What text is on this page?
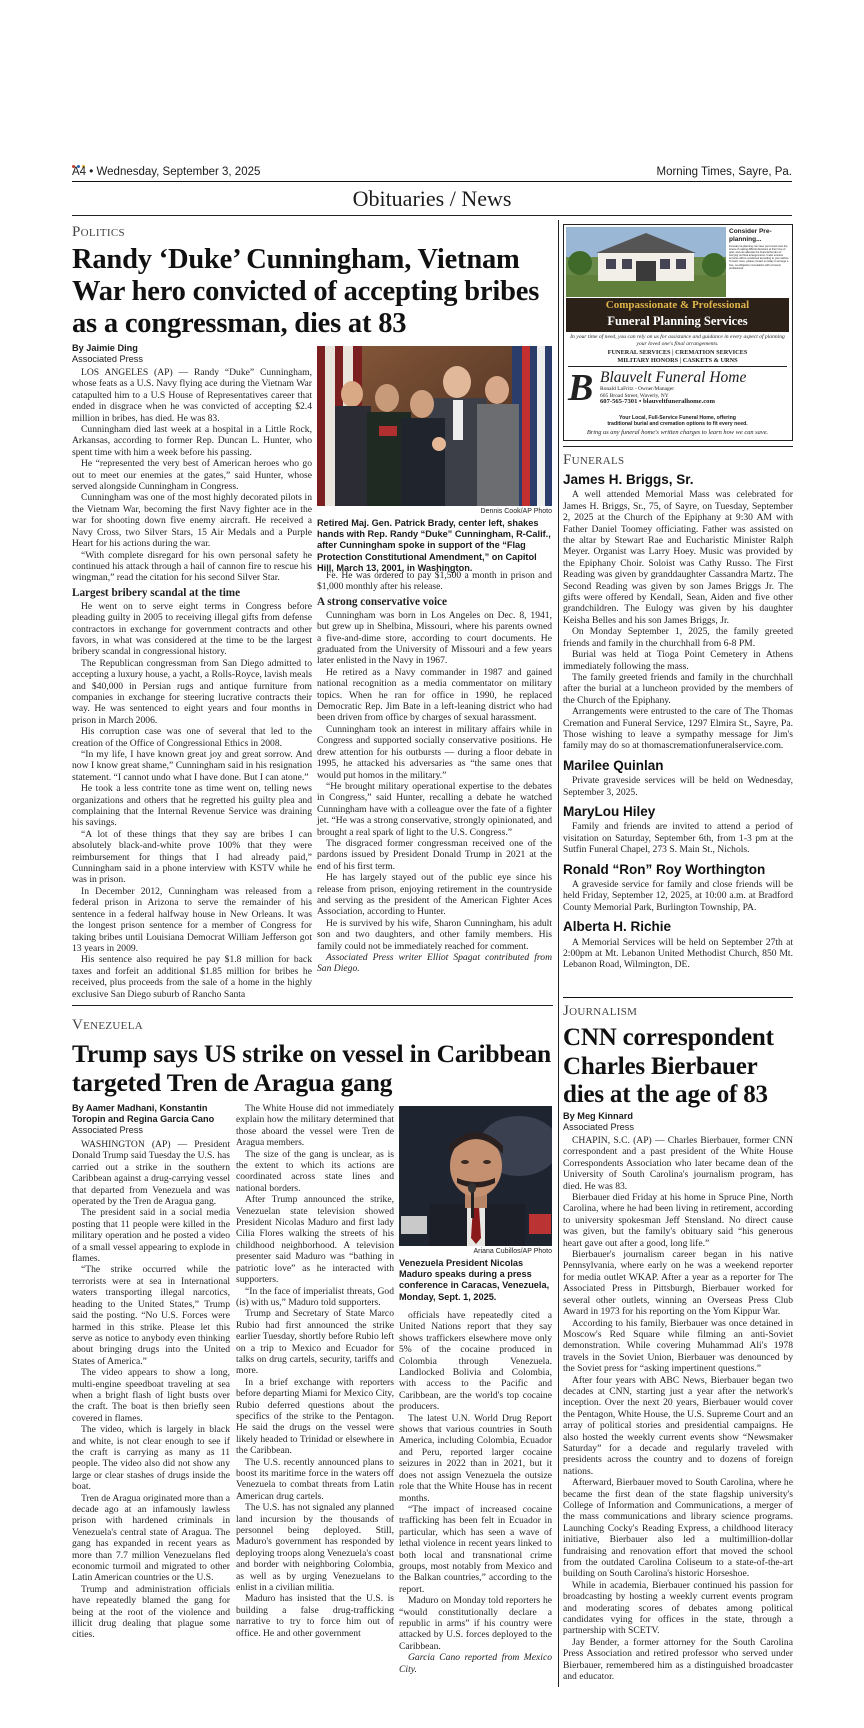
A4 • Wednesday, September 3, 2025	Morning Times, Sayre, Pa.
Obituaries / News
Politics
Randy ‘Duke’ Cunningham, Vietnam War hero convicted of accepting bribes as a congressman, dies at 83
By Jaimie Ding
Associated Press

LOS ANGELES (AP) — Randy “Duke” Cunningham, whose feats as a U.S. Navy flying ace during the Vietnam War catapulted him to a U.S House of Representatives career that ended in disgrace when he was convicted of accepting $2.4 million in bribes, has died. He was 83.

Cunningham died last week at a hospital in a Little Rock, Arkansas, according to former Rep. Duncan L. Hunter, who spent time with him a week before his passing.

He “represented the very best of American heroes who go out to meet our enemies at the gates,” said Hunter, whose served alongside Cunningham in Congress.

Cunningham was one of the most highly decorated pilots in the Vietnam War, becoming the first Navy fighter ace in the war for shooting down five enemy aircraft. He received a Navy Cross, two Silver Stars, 15 Air Medals and a Purple Heart for his actions during the war.

“With complete disregard for his own personal safety he continued his attack through a hail of cannon fire to rescue his wingman,” read the citation for his second Silver Star.

Largest bribery scandal at the time

He went on to serve eight terms in Congress before pleading guilty in 2005 to receiving illegal gifts from defense contractors in exchange for government contracts and other favors, in what was considered at the time to be the largest bribery scandal in congressional history.

The Republican congressman from San Diego admitted to accepting a luxury house, a yacht, a Rolls-Royce, lavish meals and $40,000 in Persian rugs and antique furniture from companies in exchange for steering lucrative contracts their way. He was sentenced to eight years and four months in prison in March 2006.

His corruption case was one of several that led to the creation of the Office of Congressional Ethics in 2008.

“In my life, I have known great joy and great sorrow. And now I know great shame,” Cunningham said in his resignation statement. “I cannot undo what I have done. But I can atone.”

He took a less contrite tone as time went on, telling news organizations and others that he regretted his guilty plea and complaining that the Internal Revenue Service was draining his savings.

“A lot of these things that they say are bribes I can absolutely black-and-white prove 100% that they were reimbursement for things that I had already paid,” Cunningham said in a phone interview with KSTV while he was in prison.

In December 2012, Cunningham was released from a federal prison in Arizona to serve the remainder of his sentence in a federal halfway house in New Orleans. It was the longest prison sentence for a member of Congress for taking bribes until Louisiana Democrat William Jefferson got 13 years in 2009.

His sentence also required he pay $1.8 million for back taxes and forfeit an additional $1.85 million for bribes he received, plus proceeds from the sale of a home in the highly exclusive San Diego suburb of Rancho Santa

Dennis Cook/AP Photo
Retired Maj. Gen. Patrick Brady, center left, shakes hands with Rep. Randy “Duke” Cunningham, R-Calif., after Cunningham spoke in support of the “Flag Protection Constitutional Amendment,” on Capitol Hill, March 13, 2001, in Washington.

Fe. He was ordered to pay $1,500 a month in prison and $1,000 monthly after his release.

A strong conservative voice

Cunningham was born in Los Angeles on Dec. 8, 1941, but grew up in Shelbina, Missouri, where his parents owned a five-and-dime store, according to court documents. He graduated from the University of Missouri and a few years later enlisted in the Navy in 1967.

He retired as a Navy commander in 1987 and gained national recognition as a media commentator on military topics. When he ran for office in 1990, he replaced Democratic Rep. Jim Bate in a left-leaning district who had been driven from office by charges of sexual harassment.

Cunningham took an interest in military affairs while in Congress and supported socially conservative positions. He drew attention for his outbursts — during a floor debate in 1995, he attacked his adversaries as “the same ones that would put homos in the military.”

“He brought military operational expertise to the debates in Congress,” said Hunter, recalling a debate he watched Cunningham have with a colleague over the fate of a fighter jet. “He was a strong conservative, strongly opinionated, and brought a real spark of light to the U.S. Congress.”

The disgraced former congressman received one of the pardons issued by President Donald Trump in 2021 at the end of his first term.

He has largely stayed out of the public eye since his release from prison, enjoying retirement in the countryside and serving as the president of the American Fighter Aces Association, according to Hunter.

He is survived by his wife, Sharon Cunningham, his adult son and two daughters, and other family members. His family could not be immediately reached for comment.

Associated Press writer Elliot Spagat contributed from San Diego.

Consider Pre-planning...
Funeral pre-planning can save your loved ones the stress of making difficult decisions at their time of grief, and can alleviate the financial burden of carrying out final arrangements. It also ensures services will be conducted according to your wishes. To learn more, please contact us today to arrange a free, no-obligation consultation with a funeral professional.
Compassionate & Professional
Funeral Planning Services
In your time of need, you can rely on us for assistance and guidance in every aspect of planning your loved one's final arrangements.
FUNERAL SERVICES | CREMATION SERVICES
MILITARY HONORS | CASKETS & URNS
B Blauvelt Funeral Home
Ronald LaFritz - Owner/Manager
605 Broad Street, Waverly, NY
607-565-7301 • blauveltfuneralhome.com
Your Local, Full-Service Funeral Home, offering
traditional burial and cremation options to fit every need.
Bring us any funeral home's written charges to learn how we can save.
Funerals
James H. Briggs, Sr.

A well attended Memorial Mass was celebrated for James H. Briggs, Sr., 75, of Sayre, on Tuesday, September 2, 2025 at the Church of the Epiphany at 9:30 AM with Father Daniel Toomey officiating. Father was assisted on the altar by Stewart Rae and Eucharistic Minister Ralph Meyer. Organist was Larry Hoey. Music was provided by the Epiphany Choir. Soloist was Cathy Russo. The First Reading was given by granddaughter Cassandra Martz. The Second Reading was given by son James Briggs Jr. The gifts were offered by Kendall, Sean, Aiden and five other grandchildren. The Eulogy was given by his daughter Keisha Belles and his son James Briggs, Jr.

On Monday September 1, 2025, the family greeted friends and family in the churchhall from 6-8 PM.

Burial was held at Tioga Point Cemetery in Athens immediately following the mass.

The family greeted friends and family in the churchhall after the burial at a luncheon provided by the members of the Church of the Epiphany.

Arrangements were entrusted to the care of The Thomas Cremation and Funeral Service, 1297 Elmira St., Sayre, Pa. Those wishing to leave a sympathy message for Jim's family may do so at thomascremationfuneralservice.com.

Marilee Quinlan

Private graveside services will be held on Wednesday, September 3, 2025.

MaryLou Hiley

Family and friends are invited to attend a period of visitation on Saturday, September 6th, from 1-3 pm at the Sutfin Funeral Chapel, 273 S. Main St., Nichols.

Ronald “Ron” Roy Worthington

A graveside service for family and close friends will be held Friday, September 12, 2025, at 10:00 a.m. at Bradford County Memorial Park, Burlington Township, PA.

Alberta H. Richie

A Memorial Services will be held on September 27th at 2:00pm at Mt. Lebanon United Methodist Church, 850 Mt. Lebanon Road, Wilmington, DE.

Journalism
CNN correspondent Charles Bierbauer dies at the age of 83
By Meg Kinnard
Associated Press

CHAPIN, S.C. (AP) — Charles Bierbauer, former CNN correspondent and a past president of the White House Correspondents Association who later became dean of the University of South Carolina's journalism program, has died. He was 83.

Bierbauer died Friday at his home in Spruce Pine, North Carolina, where he had been living in retirement, according to university spokesman Jeff Stensland. No direct cause was given, but the family's obituary said “his generous heart gave out after a good, long life.”

Bierbauer's journalism career began in his native Pennsylvania, where early on he was a weekend reporter for media outlet WKAP. After a year as a reporter for The Associated Press in Pittsburgh, Bierbauer worked for several other outlets, winning an Overseas Press Club Award in 1973 for his reporting on the Yom Kippur War.

According to his family, Bierbauer was once detained in Moscow's Red Square while filming an anti-Soviet demonstration. While covering Muhammad Ali's 1978 travels in the Soviet Union, Bierbauer was denounced by the Soviet press for “asking impertinent questions.”

After four years with ABC News, Bierbauer began two decades at CNN, starting just a year after the network's inception. Over the next 20 years, Bierbauer would cover the Pentagon, White House, the U.S. Supreme Court and an array of political stories and presidential campaigns. He also hosted the weekly current events show “Newsmaker Saturday” for a decade and regularly traveled with presidents across the country and to dozens of foreign nations.

Afterward, Bierbauer moved to South Carolina, where he became the first dean of the state flagship university's College of Information and Communications, a merger of the mass communications and library science programs. Launching Cocky's Reading Express, a childhood literacy initiative, Bierbauer also led a multimillion-dollar fundraising and renovation effort that moved the school from the outdated Carolina Coliseum to a state-of-the-art building on South Carolina's historic Horseshoe.

While in academia, Bierbauer continued his passion for broadcasting by hosting a weekly current events program and moderating scores of debates among political candidates vying for offices in the state, through a partnership with SCETV.

Jay Bender, a former attorney for the South Carolina Press Association and retired professor who served under Bierbauer, remembered him as a distinguished broadcaster and educator.

Venezuela
Trump says US strike on vessel in Caribbean targeted Tren de Aragua gang
By Aamer Madhani, Konstantin Toropin and Regina Garcia Cano
Associated Press

WASHINGTON (AP) — President Donald Trump said Tuesday the U.S. has carried out a strike in the southern Caribbean against a drug-carrying vessel that departed from Venezuela and was operated by the Tren de Aragua gang.

The president said in a social media posting that 11 people were killed in the military operation and he posted a video of a small vessel appearing to explode in flames.

“The strike occurred while the terrorists were at sea in International waters transporting illegal narcotics, heading to the United States,” Trump said the posting. “No U.S. Forces were harmed in this strike. Please let this serve as notice to anybody even thinking about bringing drugs into the United States of America.”

The video appears to show a long, multi-engine speedboat traveling at sea when a bright flash of light busts over the craft. The boat is then briefly seen covered in flames.

The video, which is largely in black and white, is not clear enough to see if the craft is carrying as many as 11 people. The video also did not show any large or clear stashes of drugs inside the boat.

Tren de Aragua originated more than a decade ago at an infamously lawless prison with hardened criminals in Venezuela's central state of Aragua. The gang has expanded in recent years as more than 7.7 million Venezuelans fled economic turmoil and migrated to other Latin American countries or the U.S.

Trump and administration officials have repeatedly blamed the gang for being at the root of the violence and illicit drug dealing that plague some cities.

The White House did not immediately explain how the military determined that those aboard the vessel were Tren de Aragua members.

The size of the gang is unclear, as is the extent to which its actions are coordinated across state lines and national borders.

After Trump announced the strike, Venezuelan state television showed President Nicolas Maduro and first lady Cilia Flores walking the streets of his childhood neighborhood. A television presenter said Maduro was “bathing in patriotic love” as he interacted with supporters.

“In the face of imperialist threats, God (is) with us,” Maduro told supporters.

Trump and Secretary of State Marco Rubio had first announced the strike earlier Tuesday, shortly before Rubio left on a trip to Mexico and Ecuador for talks on drug cartels, security, tariffs and more.

In a brief exchange with reporters before departing Miami for Mexico City, Rubio deferred questions about the specifics of the strike to the Pentagon. He said the drugs on the vessel were likely headed to Trinidad or elsewhere in the Caribbean.

The U.S. recently announced plans to boost its maritime force in the waters off Venezuela to combat threats from Latin American drug cartels.

The U.S. has not signaled any planned land incursion by the thousands of personnel being deployed. Still, Maduro's government has responded by deploying troops along Venezuela's coast and border with neighboring Colombia, as well as by urging Venezuelans to enlist in a civilian militia.

Maduro has insisted that the U.S. is building a false drug-trafficking narrative to try to force him out of office. He and other government

Ariana Cubillos/AP Photo
Venezuela President Nicolas Maduro speaks during a press conference in Caracas, Venezuela, Monday, Sept. 1, 2025.

officials have repeatedly cited a United Nations report that they say shows traffickers elsewhere move only 5% of the cocaine produced in Colombia through Venezuela. Landlocked Bolivia and Colombia, with access to the Pacific and Caribbean, are the world's top cocaine producers.

The latest U.N. World Drug Report shows that various countries in South America, including Colombia, Ecuador and Peru, reported larger cocaine seizures in 2022 than in 2021, but it does not assign Venezuela the outsize role that the White House has in recent months.

“The impact of increased cocaine trafficking has been felt in Ecuador in particular, which has seen a wave of lethal violence in recent years linked to both local and transnational crime groups, most notably from Mexico and the Balkan countries,” according to the report.

Maduro on Monday told reporters he “would constitutionally declare a republic in arms” if his country were attacked by U.S. forces deployed to the Caribbean.

Garcia Cano reported from Mexico City.
